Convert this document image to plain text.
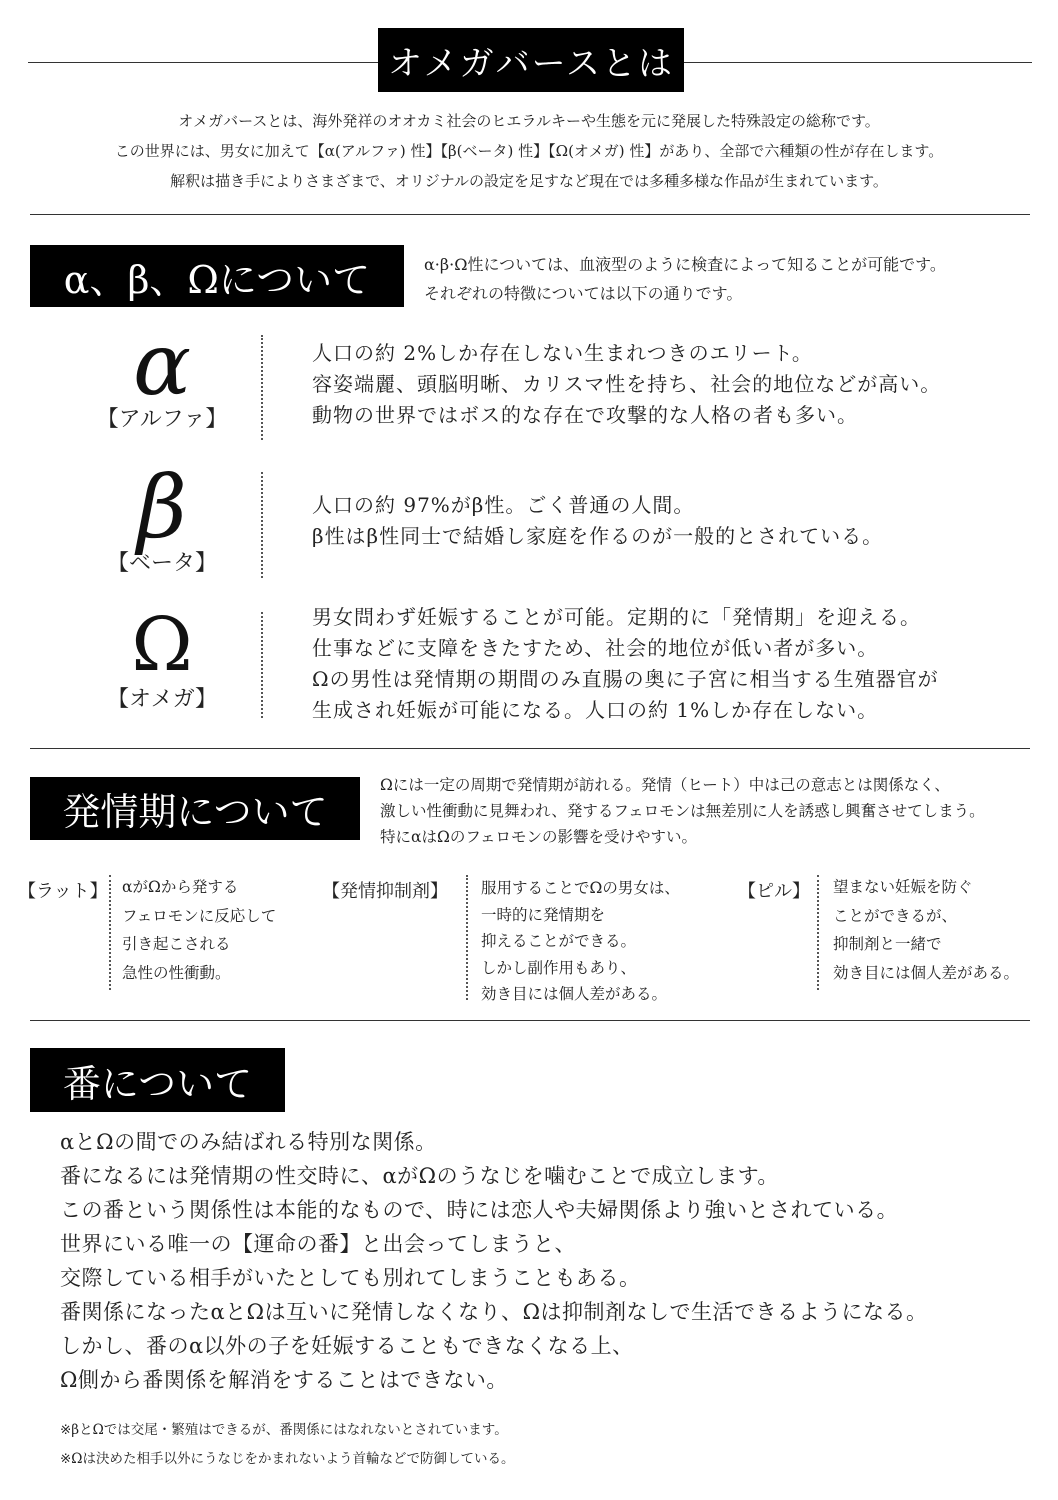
オメガバースとは
オメガバースとは、海外発祥のオオカミ社会のヒエラルキーや生態を元に発展した特殊設定の総称です。
この世界には、男女に加えて【α(アルファ) 性】【β(ベータ) 性】【Ω(オメガ) 性】があり、全部で六種類の性が存在します。
解釈は描き手によりさまざまで、オリジナルの設定を足すなど現在では多種多様な作品が生まれています。
α、β、Ωについて	α·β·Ω性については、血液型のように検査によって知ることが可能です。
それぞれの特徴については以下の通りです。
α
【アルファ】
人口の約 2%しか存在しない生まれつきのエリート。
容姿端麗、頭脳明晰、カリスマ性を持ち、社会的地位などが高い。
動物の世界ではボス的な存在で攻撃的な人格の者も多い。
β
【ベータ】
人口の約 97%がβ性。ごく普通の人間。
β性はβ性同士で結婚し家庭を作るのが一般的とされている。
Ω
【オメガ】
男女問わず妊娠することが可能。定期的に「発情期」を迎える。
仕事などに支障をきたすため、社会的地位が低い者が多い。
Ωの男性は発情期の期間のみ直腸の奥に子宮に相当する生殖器官が
生成され妊娠が可能になる。人口の約 1%しか存在しない。
発情期について
Ωには一定の周期で発情期が訪れる。発情（ヒート）中は己の意志とは関係なく、
激しい性衝動に見舞われ、発するフェロモンは無差別に人を誘惑し興奮させてしまう。
特にαはΩのフェロモンの影響を受けやすい。
【ラット】 αがΩから発する
フェロモンに反応して
引き起こされる
急性の性衝動。
【発情抑制剤】 服用することでΩの男女は、
一時的に発情期を
抑えることができる。
しかし副作用もあり、
効き目には個人差がある。
【ピル】 望まない妊娠を防ぐ
ことができるが、
抑制剤と一緒で
効き目には個人差がある。
番について
αとΩの間でのみ結ばれる特別な関係。
番になるには発情期の性交時に、αがΩのうなじを噛むことで成立します。
この番という関係性は本能的なもので、時には恋人や夫婦関係より強いとされている。
世界にいる唯一の【運命の番】と出会ってしまうと、
交際している相手がいたとしても別れてしまうこともある。
番関係になったαとΩは互いに発情しなくなり、Ωは抑制剤なしで生活できるようになる。
しかし、番のα以外の子を妊娠することもできなくなる上、
Ω側から番関係を解消をすることはできない。
※βとΩでは交尾・繁殖はできるが、番関係にはなれないとされています。
※Ωは決めた相手以外にうなじをかまれないよう首輪などで防御している。
